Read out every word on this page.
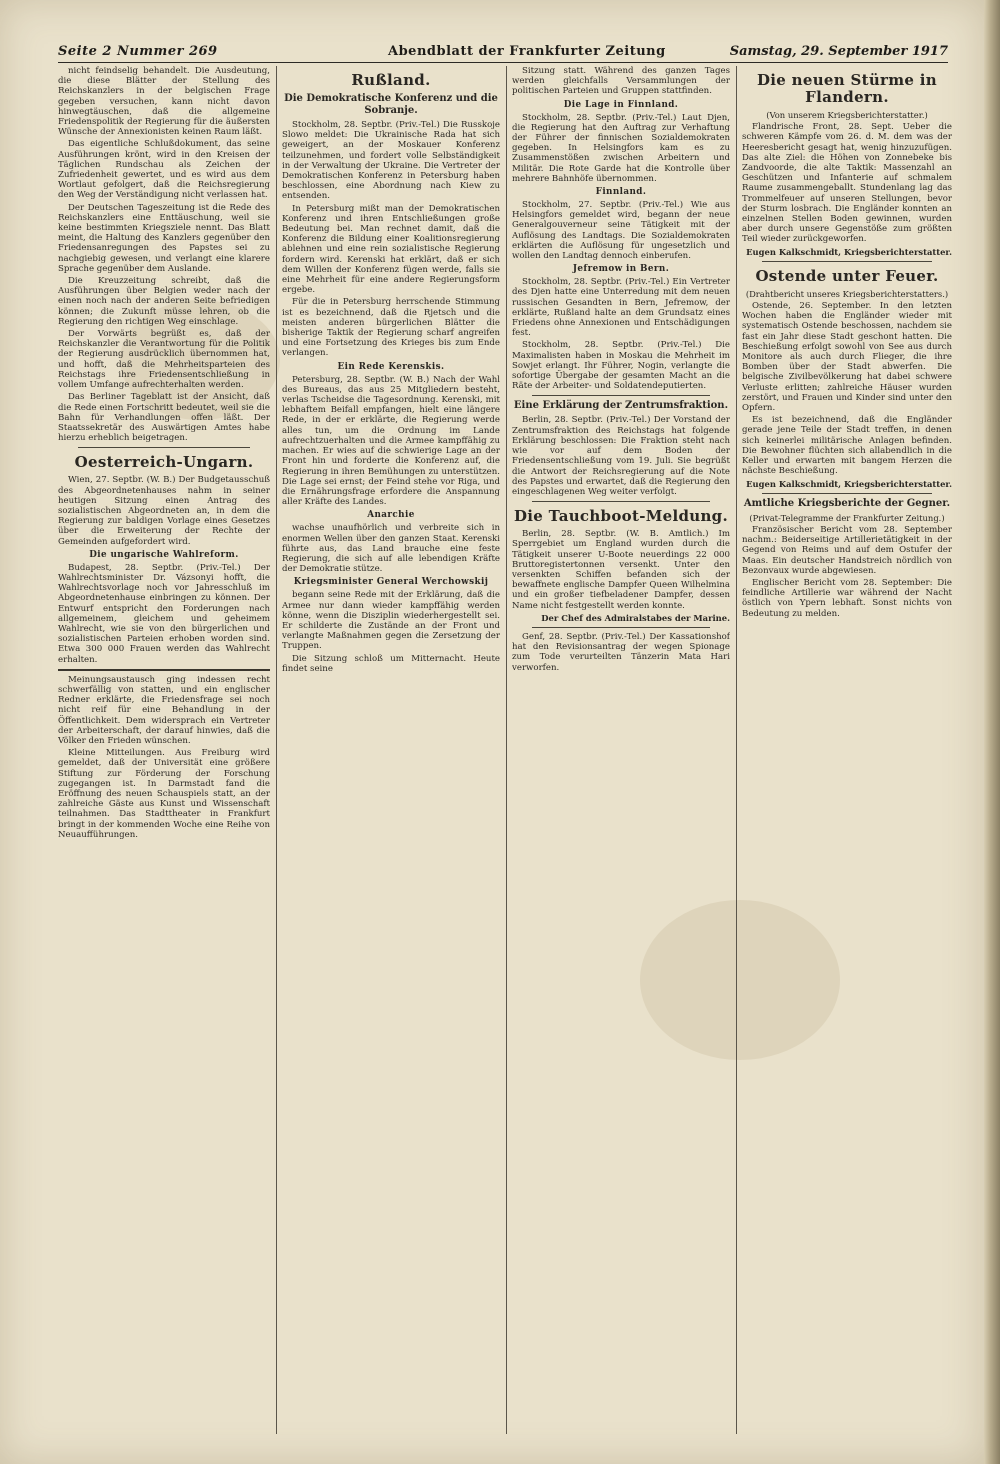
Seite 2 Nummer 269	Abendblatt der Frankfurter Zeitung	Samstag, 29. September 1917

nicht feindselig behandelt. Die Ausdeutung, die diese Blätter der Stellung des Reichskanzlers in der belgischen Frage gegeben versuchen, kann nicht davon hinwegtäuschen, daß die allgemeine Friedenspolitik der Regierung für die äußersten Wünsche der Annexionisten keinen Raum läßt.

Das eigentliche Schlußdokument, das seine Ausführungen krönt, wird in den Kreisen der Täglichen Rundschau als Zeichen der Zufriedenheit gewertet, und es wird aus dem Wortlaut gefolgert, daß die Reichsregierung den Weg der Verständigung nicht verlassen hat.

Der Deutschen Tageszeitung ist die Rede des Reichskanzlers eine Enttäuschung, weil sie keine bestimmten Kriegsziele nennt. Das Blatt meint, die Haltung des Kanzlers gegenüber den Friedensanregungen des Papstes sei zu nachgiebig gewesen, und verlangt eine klarere Sprache gegenüber dem Auslande.

Die Kreuzzeitung schreibt, daß die Ausführungen über Belgien weder nach der einen noch nach der anderen Seite befriedigen können; die Zukunft müsse lehren, ob die Regierung den richtigen Weg einschlage.

Der Vorwärts begrüßt es, daß der Reichskanzler die Verantwortung für die Politik der Regierung ausdrücklich übernommen hat, und hofft, daß die Mehrheitsparteien des Reichstags ihre Friedensentschließung in vollem Umfange aufrechterhalten werden.

Das Berliner Tageblatt ist der Ansicht, daß die Rede einen Fortschritt bedeutet, weil sie die Bahn für Verhandlungen offen läßt. Der Staatssekretär des Auswärtigen Amtes habe hierzu erheblich beigetragen.

Oesterreich-Ungarn.

Wien, 27. Septbr. (W. B.) Der Budgetausschuß des Abgeordnetenhauses nahm in seiner heutigen Sitzung einen Antrag des sozialistischen Abgeordneten an, in dem die Regierung zur baldigen Vorlage eines Gesetzes über die Erweiterung der Rechte der Gemeinden aufgefordert wird.

Die ungarische Wahlreform.

Budapest, 28. Septbr. (Priv.-Tel.) Der Wahlrechtsminister Dr. Vázsonyi hofft, die Wahlrechtsvorlage noch vor Jahresschluß im Abgeordnetenhause einbringen zu können. Der Entwurf entspricht den Forderungen nach allgemeinem, gleichem und geheimem Wahlrecht, wie sie von den bürgerlichen und sozialistischen Parteien erhoben worden sind. Etwa 300 000 Frauen werden das Wahlrecht erhalten.

Meinungsaustausch ging indessen recht schwerfällig von statten, und ein englischer Redner erklärte, die Friedensfrage sei noch nicht reif für eine Behandlung in der Öffentlichkeit. Dem widersprach ein Vertreter der Arbeiterschaft, der darauf hinwies, daß die Völker den Frieden wünschen.

Kleine Mitteilungen. Aus Freiburg wird gemeldet, daß der Universität eine größere Stiftung zur Förderung der Forschung zugegangen ist. In Darmstadt fand die Eröffnung des neuen Schauspiels statt, an der zahlreiche Gäste aus Kunst und Wissenschaft teilnahmen. Das Stadttheater in Frankfurt bringt in der kommenden Woche eine Reihe von Neuaufführungen.

Rußland.
Die Demokratische Konferenz und die Sobranje.

Stockholm, 28. Septbr. (Priv.-Tel.) Die Russkoje Slowo meldet: Die Ukrainische Rada hat sich geweigert, an der Moskauer Konferenz teilzunehmen, und fordert volle Selbständigkeit in der Verwaltung der Ukraine. Die Vertreter der Demokratischen Konferenz in Petersburg haben beschlossen, eine Abordnung nach Kiew zu entsenden.

In Petersburg mißt man der Demokratischen Konferenz und ihren Entschließungen große Bedeutung bei. Man rechnet damit, daß die Konferenz die Bildung einer Koalitionsregierung ablehnen und eine rein sozialistische Regierung fordern wird. Kerenski hat erklärt, daß er sich dem Willen der Konferenz fügen werde, falls sie eine Mehrheit für eine andere Regierungsform ergebe.

Für die in Petersburg herrschende Stimmung ist es bezeichnend, daß die Rjetsch und die meisten anderen bürgerlichen Blätter die bisherige Taktik der Regierung scharf angreifen und eine Fortsetzung des Krieges bis zum Ende verlangen.

Ein Rede Kerenskis.

Petersburg, 28. Septbr. (W. B.) Nach der Wahl des Bureaus, das aus 25 Mitgliedern besteht, verlas Tscheidse die Tagesordnung. Kerenski, mit lebhaftem Beifall empfangen, hielt eine längere Rede, in der er erklärte, die Regierung werde alles tun, um die Ordnung im Lande aufrechtzuerhalten und die Armee kampffähig zu machen. Er wies auf die schwierige Lage an der Front hin und forderte die Konferenz auf, die Regierung in ihren Bemühungen zu unterstützen. Die Lage sei ernst; der Feind stehe vor Riga, und die Ernährungsfrage erfordere die Anspannung aller Kräfte des Landes.

Anarchie

wachse unaufhörlich und verbreite sich in enormen Wellen über den ganzen Staat. Kerenski führte aus, das Land brauche eine feste Regierung, die sich auf alle lebendigen Kräfte der Demokratie stütze.

Kriegsminister General Werchowskij

begann seine Rede mit der Erklärung, daß die Armee nur dann wieder kampffähig werden könne, wenn die Disziplin wiederhergestellt sei. Er schilderte die Zustände an der Front und verlangte Maßnahmen gegen die Zersetzung der Truppen.

Die Sitzung schloß um Mitternacht. Heute findet seine

Sitzung statt. Während des ganzen Tages werden gleichfalls Versammlungen der politischen Parteien und Gruppen stattfinden.

Die Lage in Finnland.

Stockholm, 28. Septbr. (Priv.-Tel.) Laut Djen, die Regierung hat den Auftrag zur Verhaftung der Führer der finnischen Sozialdemokraten gegeben. In Helsingfors kam es zu Zusammenstößen zwischen Arbeitern und Militär. Die Rote Garde hat die Kontrolle über mehrere Bahnhöfe übernommen.

Finnland.

Stockholm, 27. Septbr. (Priv.-Tel.) Wie aus Helsingfors gemeldet wird, begann der neue Generalgouverneur seine Tätigkeit mit der Auflösung des Landtags. Die Sozialdemokraten erklärten die Auflösung für ungesetzlich und wollen den Landtag dennoch einberufen.

Jefremow in Bern.

Stockholm, 28. Septbr. (Priv.-Tel.) Ein Vertreter des Djen hatte eine Unterredung mit dem neuen russischen Gesandten in Bern, Jefremow, der erklärte, Rußland halte an dem Grundsatz eines Friedens ohne Annexionen und Entschädigungen fest.

Stockholm, 28. Septbr. (Priv.-Tel.) Die Maximalisten haben in Moskau die Mehrheit im Sowjet erlangt. Ihr Führer, Nogin, verlangte die sofortige Übergabe der gesamten Macht an die Räte der Arbeiter- und Soldatendeputierten.

Eine Erklärung der Zentrumsfraktion.

Berlin, 28. Septbr. (Priv.-Tel.) Der Vorstand der Zentrumsfraktion des Reichstags hat folgende Erklärung beschlossen: Die Fraktion steht nach wie vor auf dem Boden der Friedensentschließung vom 19. Juli. Sie begrüßt die Antwort der Reichsregierung auf die Note des Papstes und erwartet, daß die Regierung den eingeschlagenen Weg weiter verfolgt.

Die Tauchboot-Meldung.

Berlin, 28. Septbr. (W. B. Amtlich.) Im Sperrgebiet um England wurden durch die Tätigkeit unserer U-Boote neuerdings 22 000 Bruttoregistertonnen versenkt. Unter den versenkten Schiffen befanden sich der bewaffnete englische Dampfer Queen Wilhelmina und ein großer tiefbeladener Dampfer, dessen Name nicht festgestellt werden konnte.

Der Chef des Admiralstabes der Marine.

Genf, 28. Septbr. (Priv.-Tel.) Der Kassationshof hat den Revisionsantrag der wegen Spionage zum Tode verurteilten Tänzerin Mata Hari verworfen.

Die neuen Stürme in Flandern.

(Von unserem Kriegsberichterstatter.)

Flandrische Front, 28. Sept. Ueber die schweren Kämpfe vom 26. d. M. dem was der Heeresbericht gesagt hat, wenig hinzuzufügen. Das alte Ziel: die Höhen von Zonnebeke bis Zandvoorde, die alte Taktik: Massenzahl an Geschützen und Infanterie auf schmalem Raume zusammengeballt. Stundenlang lag das Trommelfeuer auf unseren Stellungen, bevor der Sturm losbrach. Die Engländer konnten an einzelnen Stellen Boden gewinnen, wurden aber durch unsere Gegenstöße zum größten Teil wieder zurückgeworfen.

Eugen Kalkschmidt, Kriegsberichterstatter.

Ostende unter Feuer.

(Drahtbericht unseres Kriegsberichterstatters.)

Ostende, 26. September. In den letzten Wochen haben die Engländer wieder mit systematisch Ostende beschossen, nachdem sie fast ein Jahr diese Stadt geschont hatten. Die Beschießung erfolgt sowohl von See aus durch Monitore als auch durch Flieger, die ihre Bomben über der Stadt abwerfen. Die belgische Zivilbevölkerung hat dabei schwere Verluste erlitten; zahlreiche Häuser wurden zerstört, und Frauen und Kinder sind unter den Opfern.

Es ist bezeichnend, daß die Engländer gerade jene Teile der Stadt treffen, in denen sich keinerlei militärische Anlagen befinden. Die Bewohner flüchten sich allabendlich in die Keller und erwarten mit bangem Herzen die nächste Beschießung.

Eugen Kalkschmidt, Kriegsberichterstatter.

Amtliche Kriegsberichte der Gegner.

(Privat-Telegramme der Frankfurter Zeitung.)

Französischer Bericht vom 28. September nachm.: Beiderseitige Artillerietätigkeit in der Gegend von Reims und auf dem Ostufer der Maas. Ein deutscher Handstreich nördlich von Bezonvaux wurde abgewiesen.

Englischer Bericht vom 28. September: Die feindliche Artillerie war während der Nacht östlich von Ypern lebhaft. Sonst nichts von Bedeutung zu melden.
